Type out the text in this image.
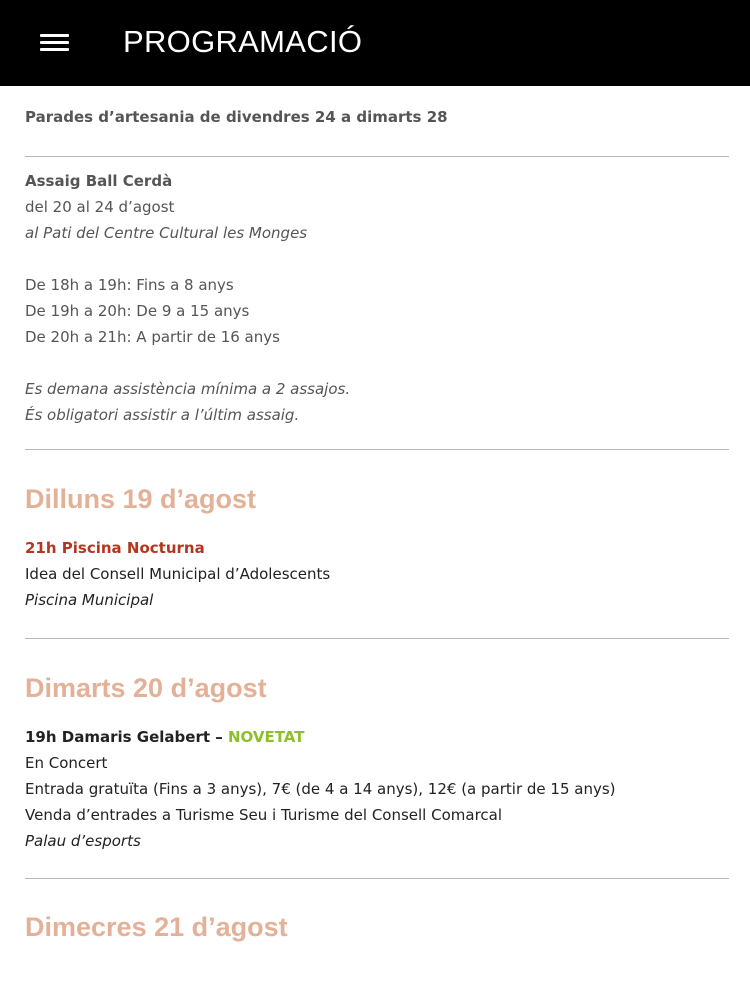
PROGRAMACIÓ

Parades d’artesania de divendres 24 a dimarts 28

Assaig Ball Cerdà

del 20 al 24 d’agost

al Pati del Centre Cultural les Monges

De 18h a 19h: Fins a 8 anys

De 19h a 20h: De 9 a 15 anys

De 20h a 21h: A partir de 16 anys

Es demana assistència mínima a 2 assajos.

És obligatori assistir a l’últim assaig.

Dilluns 19 d’agost

21h Piscina Nocturna

Idea del Consell Municipal d’Adolescents

Piscina Municipal

Dimarts 20 d’agost

19h Damaris Gelabert – NOVETAT

En Concert

Entrada gratuïta (Fins a 3 anys), 7€ (de 4 a 14 anys), 12€ (a partir de 15 anys)

Venda d’entrades a Turisme Seu i Turisme del Consell Comarcal

Palau d’esports

Dimecres 21 d’agost
